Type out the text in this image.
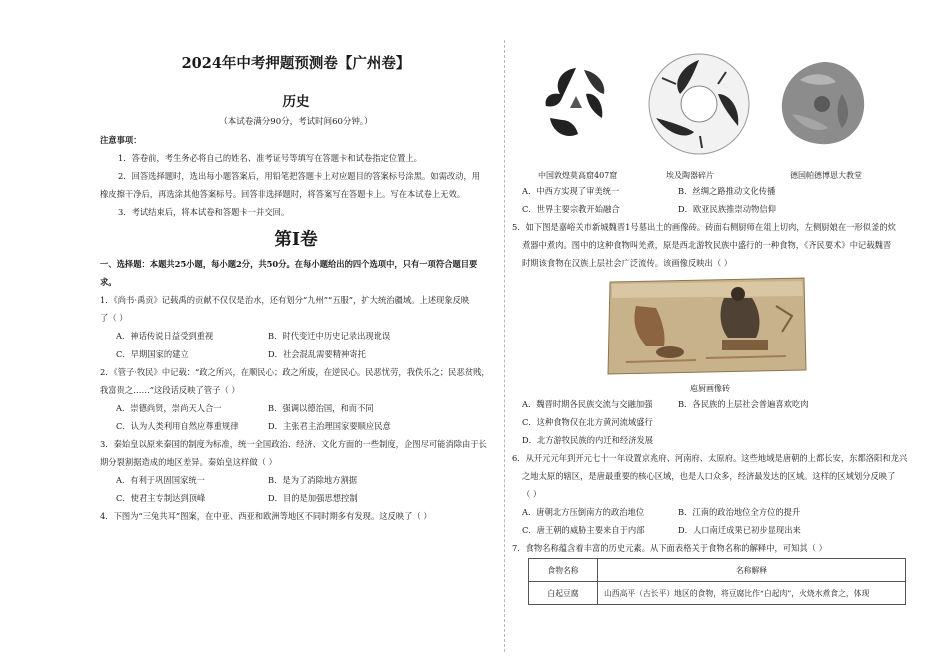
2024年中考押题预测卷【广州卷】
历史
（本试卷满分90分，考试时间60分钟。）
注意事项：
1．答卷前，考生务必将自己的姓名、准考证号等填写在答题卡和试卷指定位置上。
2．回答选择题时，选出每小题答案后，用铅笔把答题卡上对应题目的答案标号涂黑。如需改动，用
橡皮擦干净后，再选涂其他答案标号。回答非选择题时，将答案写在答题卡上。写在本试卷上无效。
3．考试结束后，将本试卷和答题卡一并交回。
第Ⅰ卷
一、选择题：本题共25小题，每小题2分，共50分。在每小题给出的四个选项中，只有一项符合题目要
求。
1．《尚书·禹贡》记载禹的贡献不仅仅是治水，还有划分“九州”“五服”，扩大统治疆域。上述现象反映
了（ ）
A．神话传说日益受到重视	B．时代变迁中历史记录出现讹误
C．早期国家的建立	D．社会混乱需要精神寄托
2．《管子·牧民》中记载：“政之所兴，在顺民心；政之所废，在逆民心。民恶忧劳，我佚乐之；民恶贫贱，
我富贵之……”这段话反映了管子（ ）
A．崇德尚贤，崇尚天人合一	B．强调以德治国，和而不同
C．认为人类利用自然应尊重规律	D．主张君主治理国家要顺应民意
3．秦始皇以原来秦国的制度为标准，统一全国政治、经济、文化方面的一些制度，企图尽可能消除由于长
期分裂割据造成的地区差异。秦始皇这样做（ ）
A．有利于巩固国家统一	B．是为了消除地方割据
C．使君主专制达到顶峰	D．目的是加强思想控制
4．下图为“三兔共耳”图案，在中亚、西亚和欧洲等地区不同时期多有发现。这反映了（ ）
中国敦煌莫高窟407窟	埃及陶器碎片	德国帕德博恩大教堂
A．中西方实现了审美统一	B．丝绸之路推动文化传播
C．世界主要宗教开始融合	D．欧亚民族推崇动物信仰
5．如下图是嘉峪关市新城魏晋1号墓出土的画像砖。砖面右侧厨师在俎上切肉，左侧厨娘在一形似釜的炊
煮器中煮肉。图中的这种食物叫羌煮，原是西北游牧民族中盛行的一种食物，《齐民要术》中记载魏晋
时期该食物在汉族上层社会广泛流传。该画像反映出（ ）
庖厨画像砖
A．魏晋时期各民族交流与交融加强	B．各民族的上层社会普遍喜欢吃肉
C．这种食物仅在北方黄河流域盛行
D．北方游牧民族的内迁和经济发展
6．从开元元年到开元七十一年设置京兆府、河南府、太原府。这些地域是唐朝的上都长安，东都洛阳和龙兴
之地太原的辖区，是唐最重要的核心区域，也是人口众多，经济最发达的区域。这样的区域划分反映了
（ ）
A．唐朝北方压倒南方的政治地位	B．江南的政治地位全方位的提升
C．唐王朝的威胁主要来自于内部	D．人口南迁成果已初步显现出来
7．食物名称蕴含着丰富的历史元素。从下面表格关于食物名称的解释中，可知其（ ）
食物名称	名称解释
白起豆腐	山西高平（古长平）地区的食物，将豆腐比作“白起肉”，火烧水煮食之，体现
